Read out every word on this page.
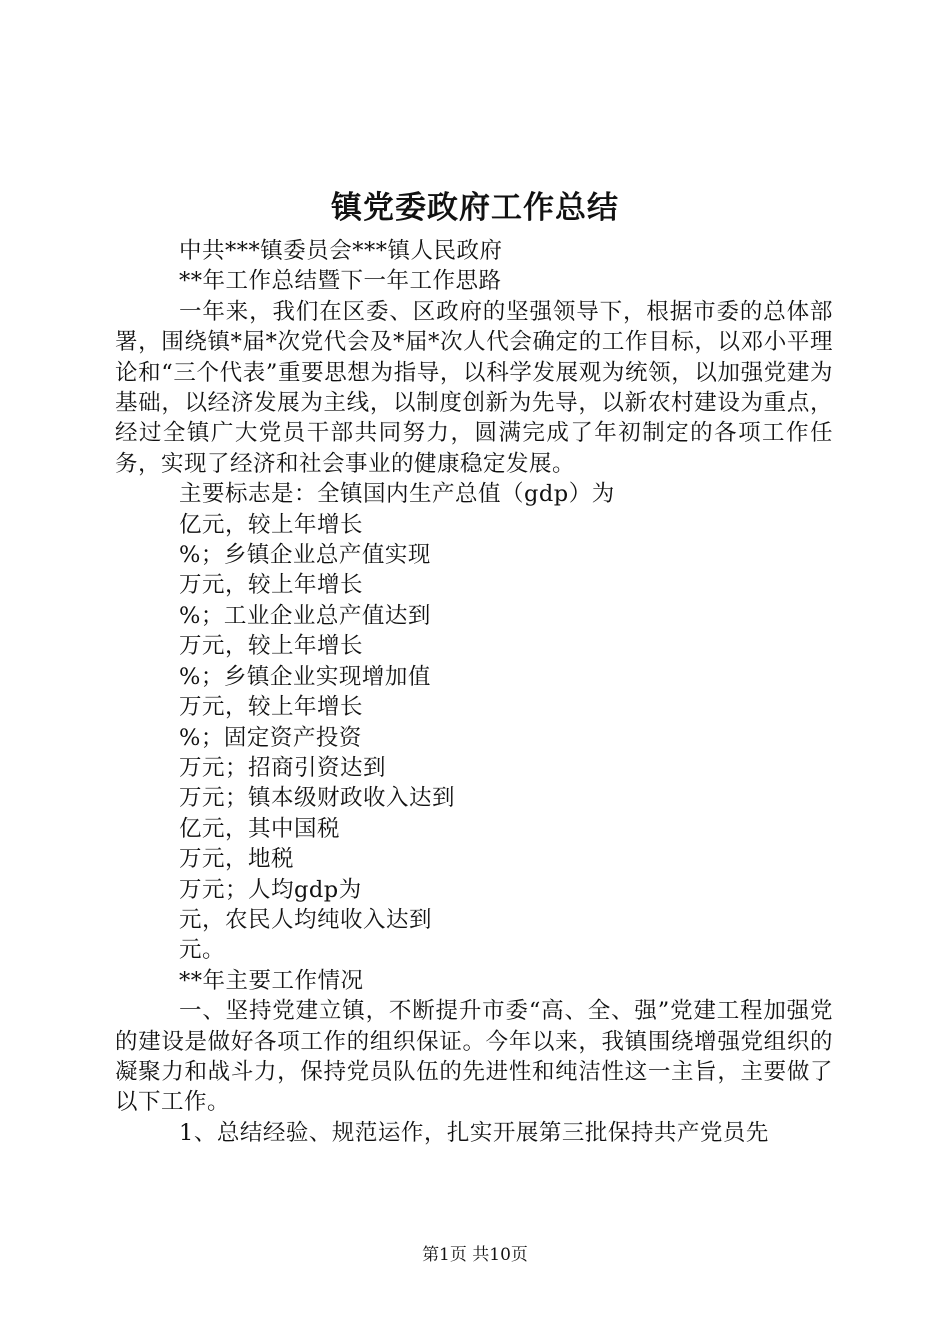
镇党委政府工作总结

中共***镇委员会***镇人民政府

**年工作总结暨下一年工作思路

一年来，我们在区委、区政府的坚强领导下，根据市委的总体部署，围绕镇*届*次党代会及*届*次人代会确定的工作目标，以邓小平理论和“三个代表”重要思想为指导，以科学发展观为统领，以加强党建为基础，以经济发展为主线，以制度创新为先导，以新农村建设为重点，经过全镇广大党员干部共同努力，圆满完成了年初制定的各项工作任务，实现了经济和社会事业的健康稳定发展。

主要标志是：全镇国内生产总值（gdp）为

亿元，较上年增长

%；乡镇企业总产值实现

万元，较上年增长

%；工业企业总产值达到

万元，较上年增长

%；乡镇企业实现增加值

万元，较上年增长

%；固定资产投资

万元；招商引资达到

万元；镇本级财政收入达到

亿元，其中国税

万元，地税

万元；人均gdp为

元，农民人均纯收入达到

元。

**年主要工作情况

一、坚持党建立镇，不断提升市委“高、全、强”党建工程加强党的建设是做好各项工作的组织保证。今年以来，我镇围绕增强党组织的凝聚力和战斗力，保持党员队伍的先进性和纯洁性这一主旨，主要做了以下工作。

1、总结经验、规范运作，扎实开展第三批保持共产党员先

第1页 共10页
